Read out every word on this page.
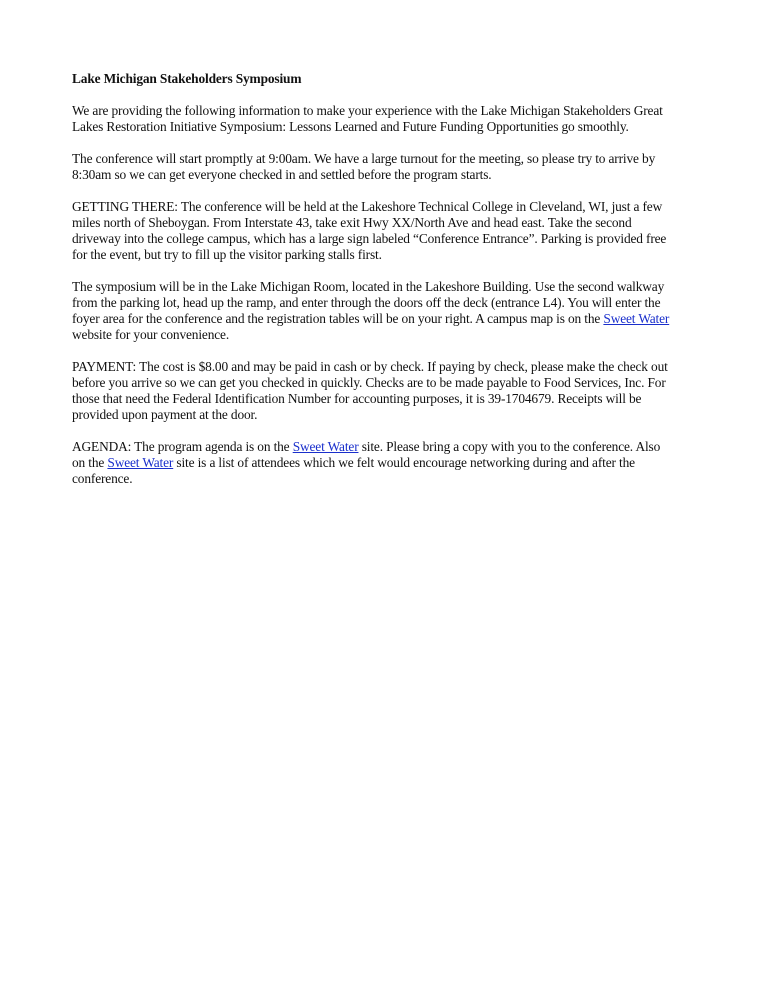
Lake Michigan Stakeholders Symposium
We are providing the following information to make your experience with the Lake Michigan Stakeholders Great
Lakes Restoration Initiative Symposium: Lessons Learned and Future Funding Opportunities go smoothly.
The conference will start promptly at 9:00am. We have a large turnout for the meeting, so please try to arrive by
8:30am so we can get everyone checked in and settled before the program starts.
GETTING THERE: The conference will be held at the Lakeshore Technical College in Cleveland, WI, just a few
miles north of Sheboygan. From Interstate 43, take exit Hwy XX/North Ave and head east. Take the second
driveway into the college campus, which has a large sign labeled “Conference Entrance”. Parking is provided free
for the event, but try to fill up the visitor parking stalls first.
The symposium will be in the Lake Michigan Room, located in the Lakeshore Building. Use the second walkway
from the parking lot, head up the ramp, and enter through the doors off the deck (entrance L4). You will enter the
foyer area for the conference and the registration tables will be on your right. A campus map is on the Sweet Water
website for your convenience.
PAYMENT: The cost is $8.00 and may be paid in cash or by check. If paying by check, please make the check out
before you arrive so we can get you checked in quickly. Checks are to be made payable to Food Services, Inc. For
those that need the Federal Identification Number for accounting purposes, it is 39-1704679. Receipts will be
provided upon payment at the door.
AGENDA: The program agenda is on the Sweet Water site. Please bring a copy with you to the conference. Also
on the Sweet Water site is a list of attendees which we felt would encourage networking during and after the
conference.
